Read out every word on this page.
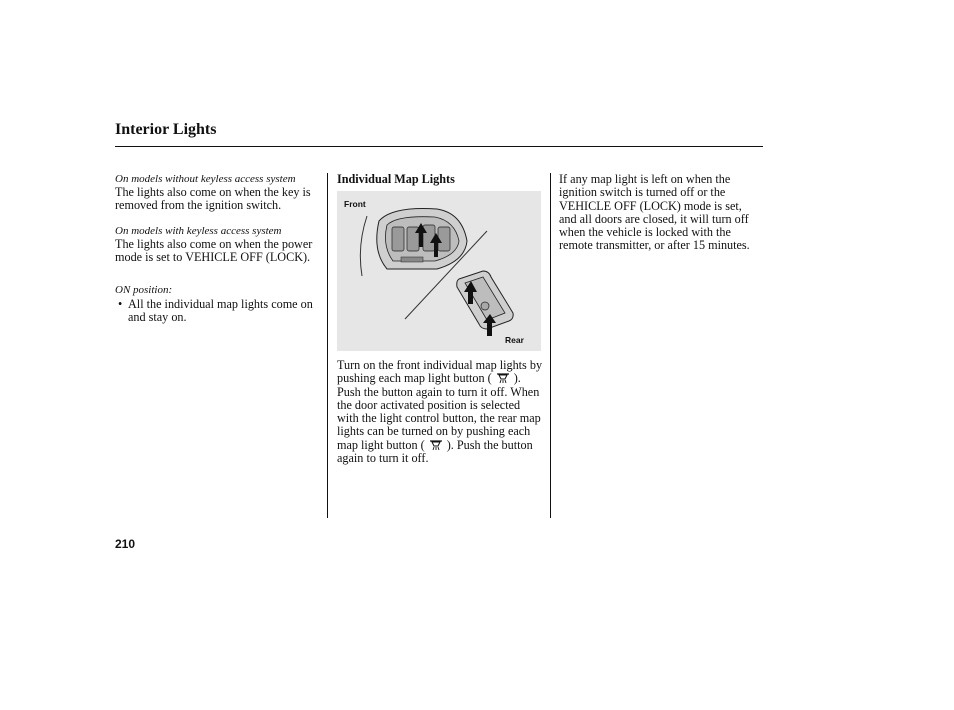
Interior Lights

On models without keyless access system

The lights also come on when the key is removed from the ignition switch.

On models with keyless access system

The lights also come on when the power mode is set to VEHICLE OFF (LOCK).

ON position:

• All the individual map lights come on and stay on.

Individual Map Lights

Front
Rear
Turn on the front individual map lights by pushing each map light button ( ). Push the button again to turn it off. When the door activated position is selected with the light control button, the rear map lights can be turned on by pushing each map light button ( ). Push the button again to turn it off.

If any map light is left on when the ignition switch is turned off or the VEHICLE OFF (LOCK) mode is set, and all doors are closed, it will turn off when the vehicle is locked with the remote transmitter, or after 15 minutes.

210
